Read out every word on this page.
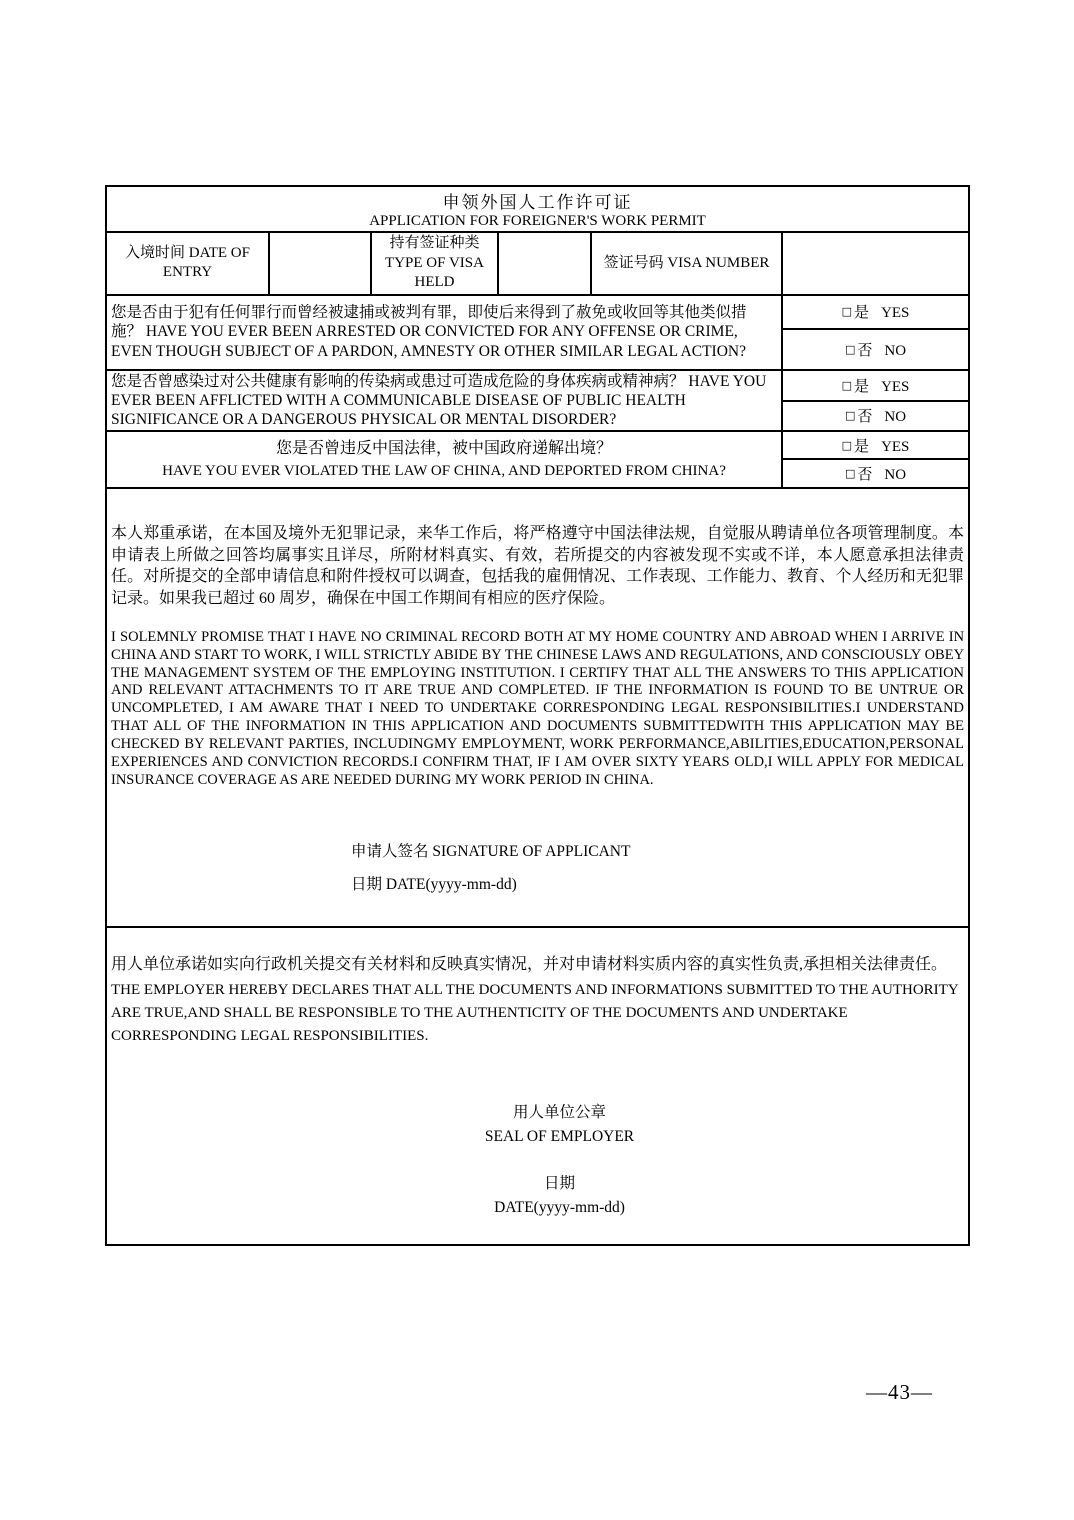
申领外国人工作许可证
APPLICATION FOR FOREIGNER'S WORK PERMIT					

入境时间 DATE OF ENTRY		持有签证种类 TYPE OF VISA HELD		签证号码 VISA NUMBER	
您是否由于犯有任何罪行而曾经被逮捕或被判有罪，即使后来得到了赦免或收回等其他类似措施？ HAVE YOU EVER BEEN ARRESTED OR CONVICTED FOR ANY OFFENSE OR CRIME, EVEN THOUGH SUBJECT OF A PARDON, AMNESTY OR OTHER SIMILAR LEGAL ACTION?					□ 是 YES
					□ 否 NO
您是否曾感染过对公共健康有影响的传染病或患过可造成危险的身体疾病或精神病？ HAVE YOU EVER BEEN AFFLICTED WITH A COMMUNICABLE DISEASE OF PUBLIC HEALTH SIGNIFICANCE OR A DANGEROUS PHYSICAL OR MENTAL DISORDER?					□ 是 YES
					□ 否 NO

您是否曾违反中国法律，被中国政府递解出境？
HAVE YOU EVER VIOLATED THE LAW OF CHINA, AND DEPORTED FROM CHINA?					□ 是 YES
					□ 否 NO

本人郑重承诺，在本国及境外无犯罪记录，来华工作后，将严格遵守中国法律法规，自觉服从聘请单位各项管理制度。本申请表上所做之回答均属事实且详尽，所附材料真实、有效，若所提交的内容被发现不实或不详，本人愿意承担法律责任。对所提交的全部申请信息和附件授权可以调查，包括我的雇佣情况、工作表现、工作能力、教育、个人经历和无犯罪记录。如果我已超过 60 周岁，确保在中国工作期间有相应的医疗保险。

I SOLEMNLY PROMISE THAT I HAVE NO CRIMINAL RECORD BOTH AT MY HOME COUNTRY AND ABROAD WHEN I ARRIVE IN CHINA AND START TO WORK, I WILL STRICTLY ABIDE BY THE CHINESE LAWS AND REGULATIONS, AND CONSCIOUSLY OBEY THE MANAGEMENT SYSTEM OF THE EMPLOYING INSTITUTION. I CERTIFY THAT ALL THE ANSWERS TO THIS APPLICATION AND RELEVANT ATTACHMENTS TO IT ARE TRUE AND COMPLETED. IF THE INFORMATION IS FOUND TO BE UNTRUE OR UNCOMPLETED, I AM AWARE THAT I NEED TO UNDERTAKE CORRESPONDING LEGAL RESPONSIBILITIES.I UNDERSTAND THAT ALL OF THE INFORMATION IN THIS APPLICATION AND DOCUMENTS SUBMITTEDWITH THIS APPLICATION MAY BE CHECKED BY RELEVANT PARTIES, INCLUDINGMY EMPLOYMENT, WORK PERFORMANCE,ABILITIES,EDUCATION,PERSONAL EXPERIENCES AND CONVICTION RECORDS.I CONFIRM THAT, IF I AM OVER SIXTY YEARS OLD,I WILL APPLY FOR MEDICAL INSURANCE COVERAGE AS ARE NEEDED DURING MY WORK PERIOD IN CHINA.

申请人签名 SIGNATURE OF APPLICANT
日期 DATE(yyyy-mm-dd)					

用人单位承诺如实向行政机关提交有关材料和反映真实情况，并对申请材料实质内容的真实性负责,承担相关法律责任。

THE EMPLOYER HEREBY DECLARES THAT ALL THE DOCUMENTS AND INFORMATIONS SUBMITTED TO THE AUTHORITY ARE TRUE,AND SHALL BE RESPONSIBLE TO THE AUTHENTICITY OF THE DOCUMENTS AND UNDERTAKE CORRESPONDING LEGAL RESPONSIBILITIES.

用人单位公章
SEAL OF EMPLOYER
日期
DATE(yyyy-mm-dd)
—43—
